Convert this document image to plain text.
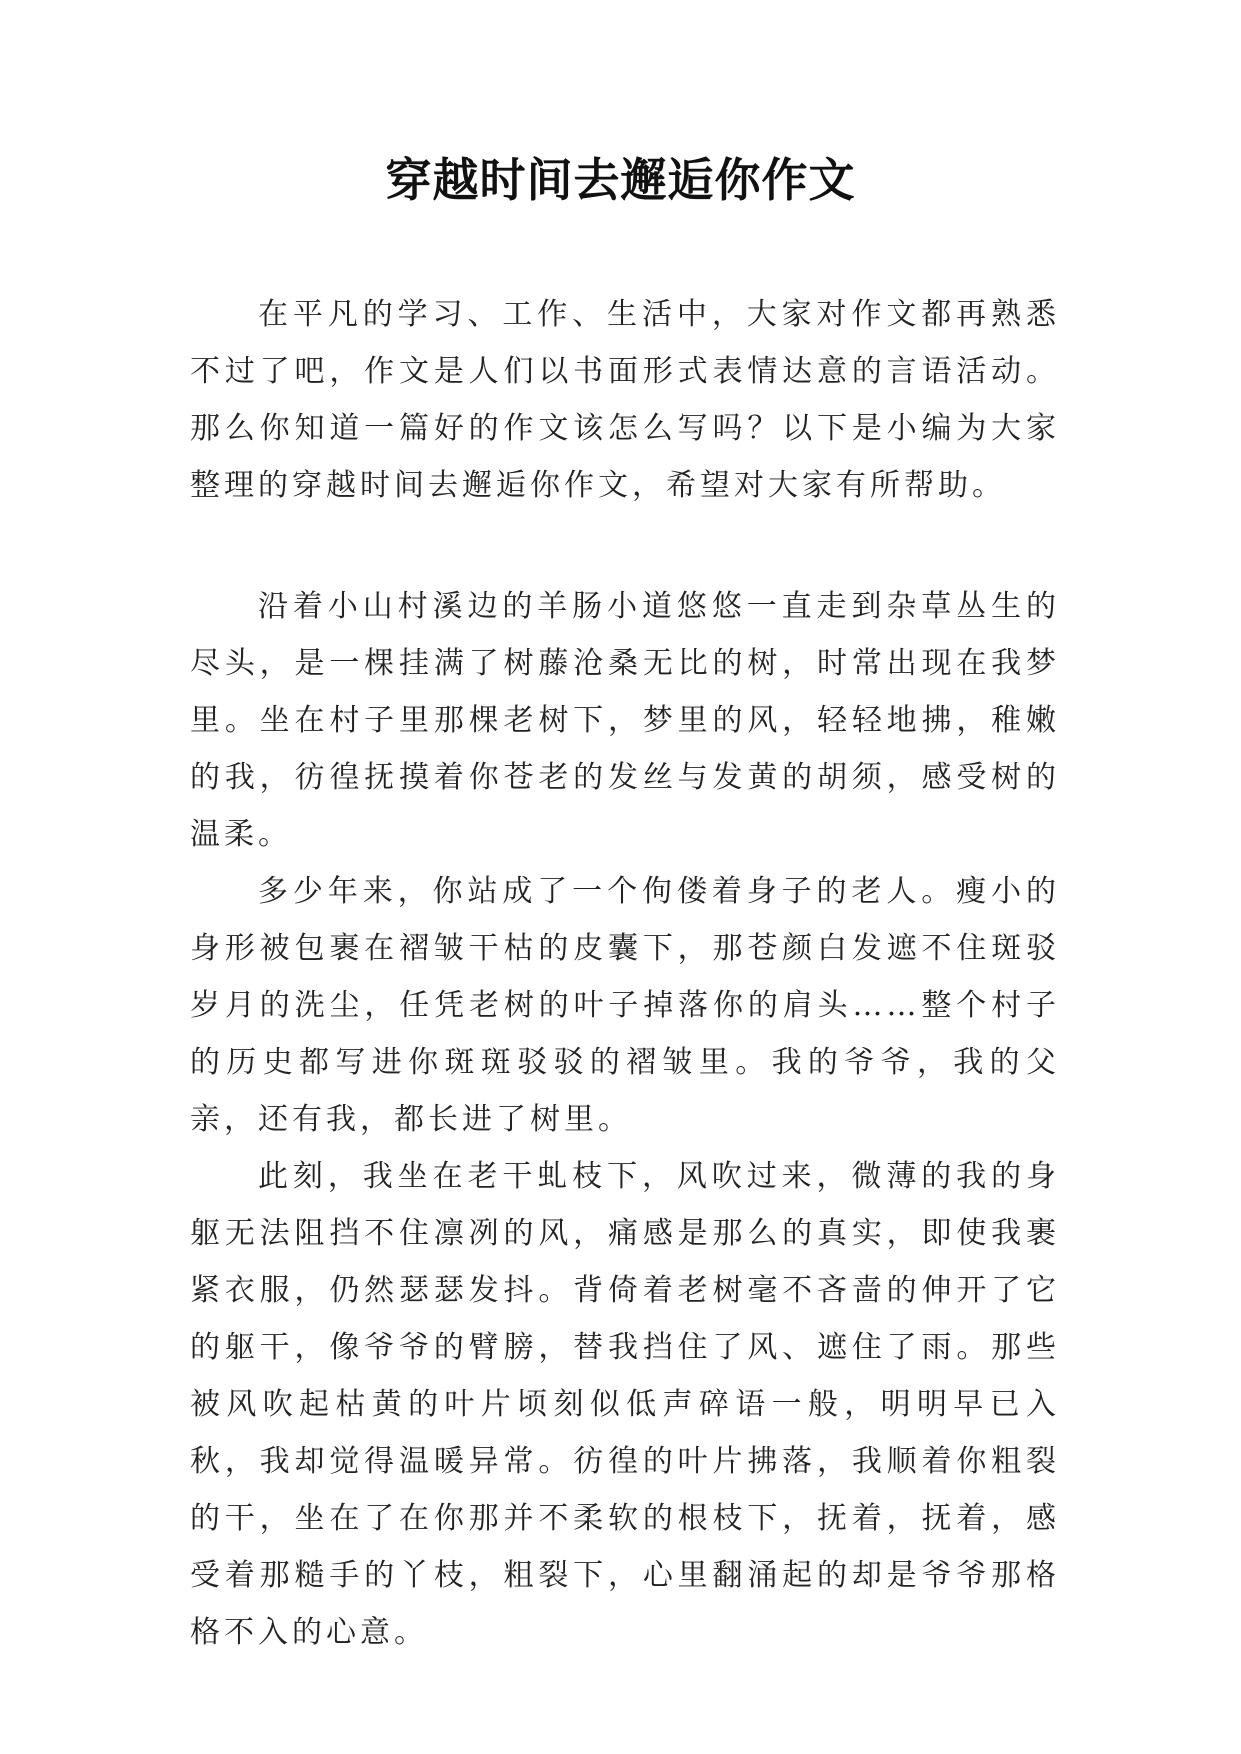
穿越时间去邂逅你作文

在平凡的学习、工作、生活中，大家对作文都再熟悉不过了吧，作文是人们以书面形式表情达意的言语活动。那么你知道一篇好的作文该怎么写吗？以下是小编为大家整理的穿越时间去邂逅你作文，希望对大家有所帮助。

沿着小山村溪边的羊肠小道悠悠一直走到杂草丛生的尽头，是一棵挂满了树藤沧桑无比的树，时常出现在我梦里。坐在村子里那棵老树下，梦里的风，轻轻地拂，稚嫩的我，彷徨抚摸着你苍老的发丝与发黄的胡须，感受树的温柔。

多少年来，你站成了一个佝偻着身子的老人。瘦小的身形被包裹在褶皱干枯的皮囊下，那苍颜白发遮不住斑驳岁月的洗尘，任凭老树的叶子掉落你的肩头……整个村子的历史都写进你斑斑驳驳的褶皱里。我的爷爷，我的父亲，还有我，都长进了树里。

此刻，我坐在老干虬枝下，风吹过来，微薄的我的身躯无法阻挡不住凛冽的风，痛感是那么的真实，即使我裹紧衣服，仍然瑟瑟发抖。背倚着老树毫不吝啬的伸开了它的躯干，像爷爷的臂膀，替我挡住了风、遮住了雨。那些被风吹起枯黄的叶片顷刻似低声碎语一般，明明早已入秋，我却觉得温暖异常。彷徨的叶片拂落，我顺着你粗裂的干，坐在了在你那并不柔软的根枝下，抚着，抚着，感受着那糙手的丫枝，粗裂下，心里翻涌起的却是爷爷那格格不入的心意。
